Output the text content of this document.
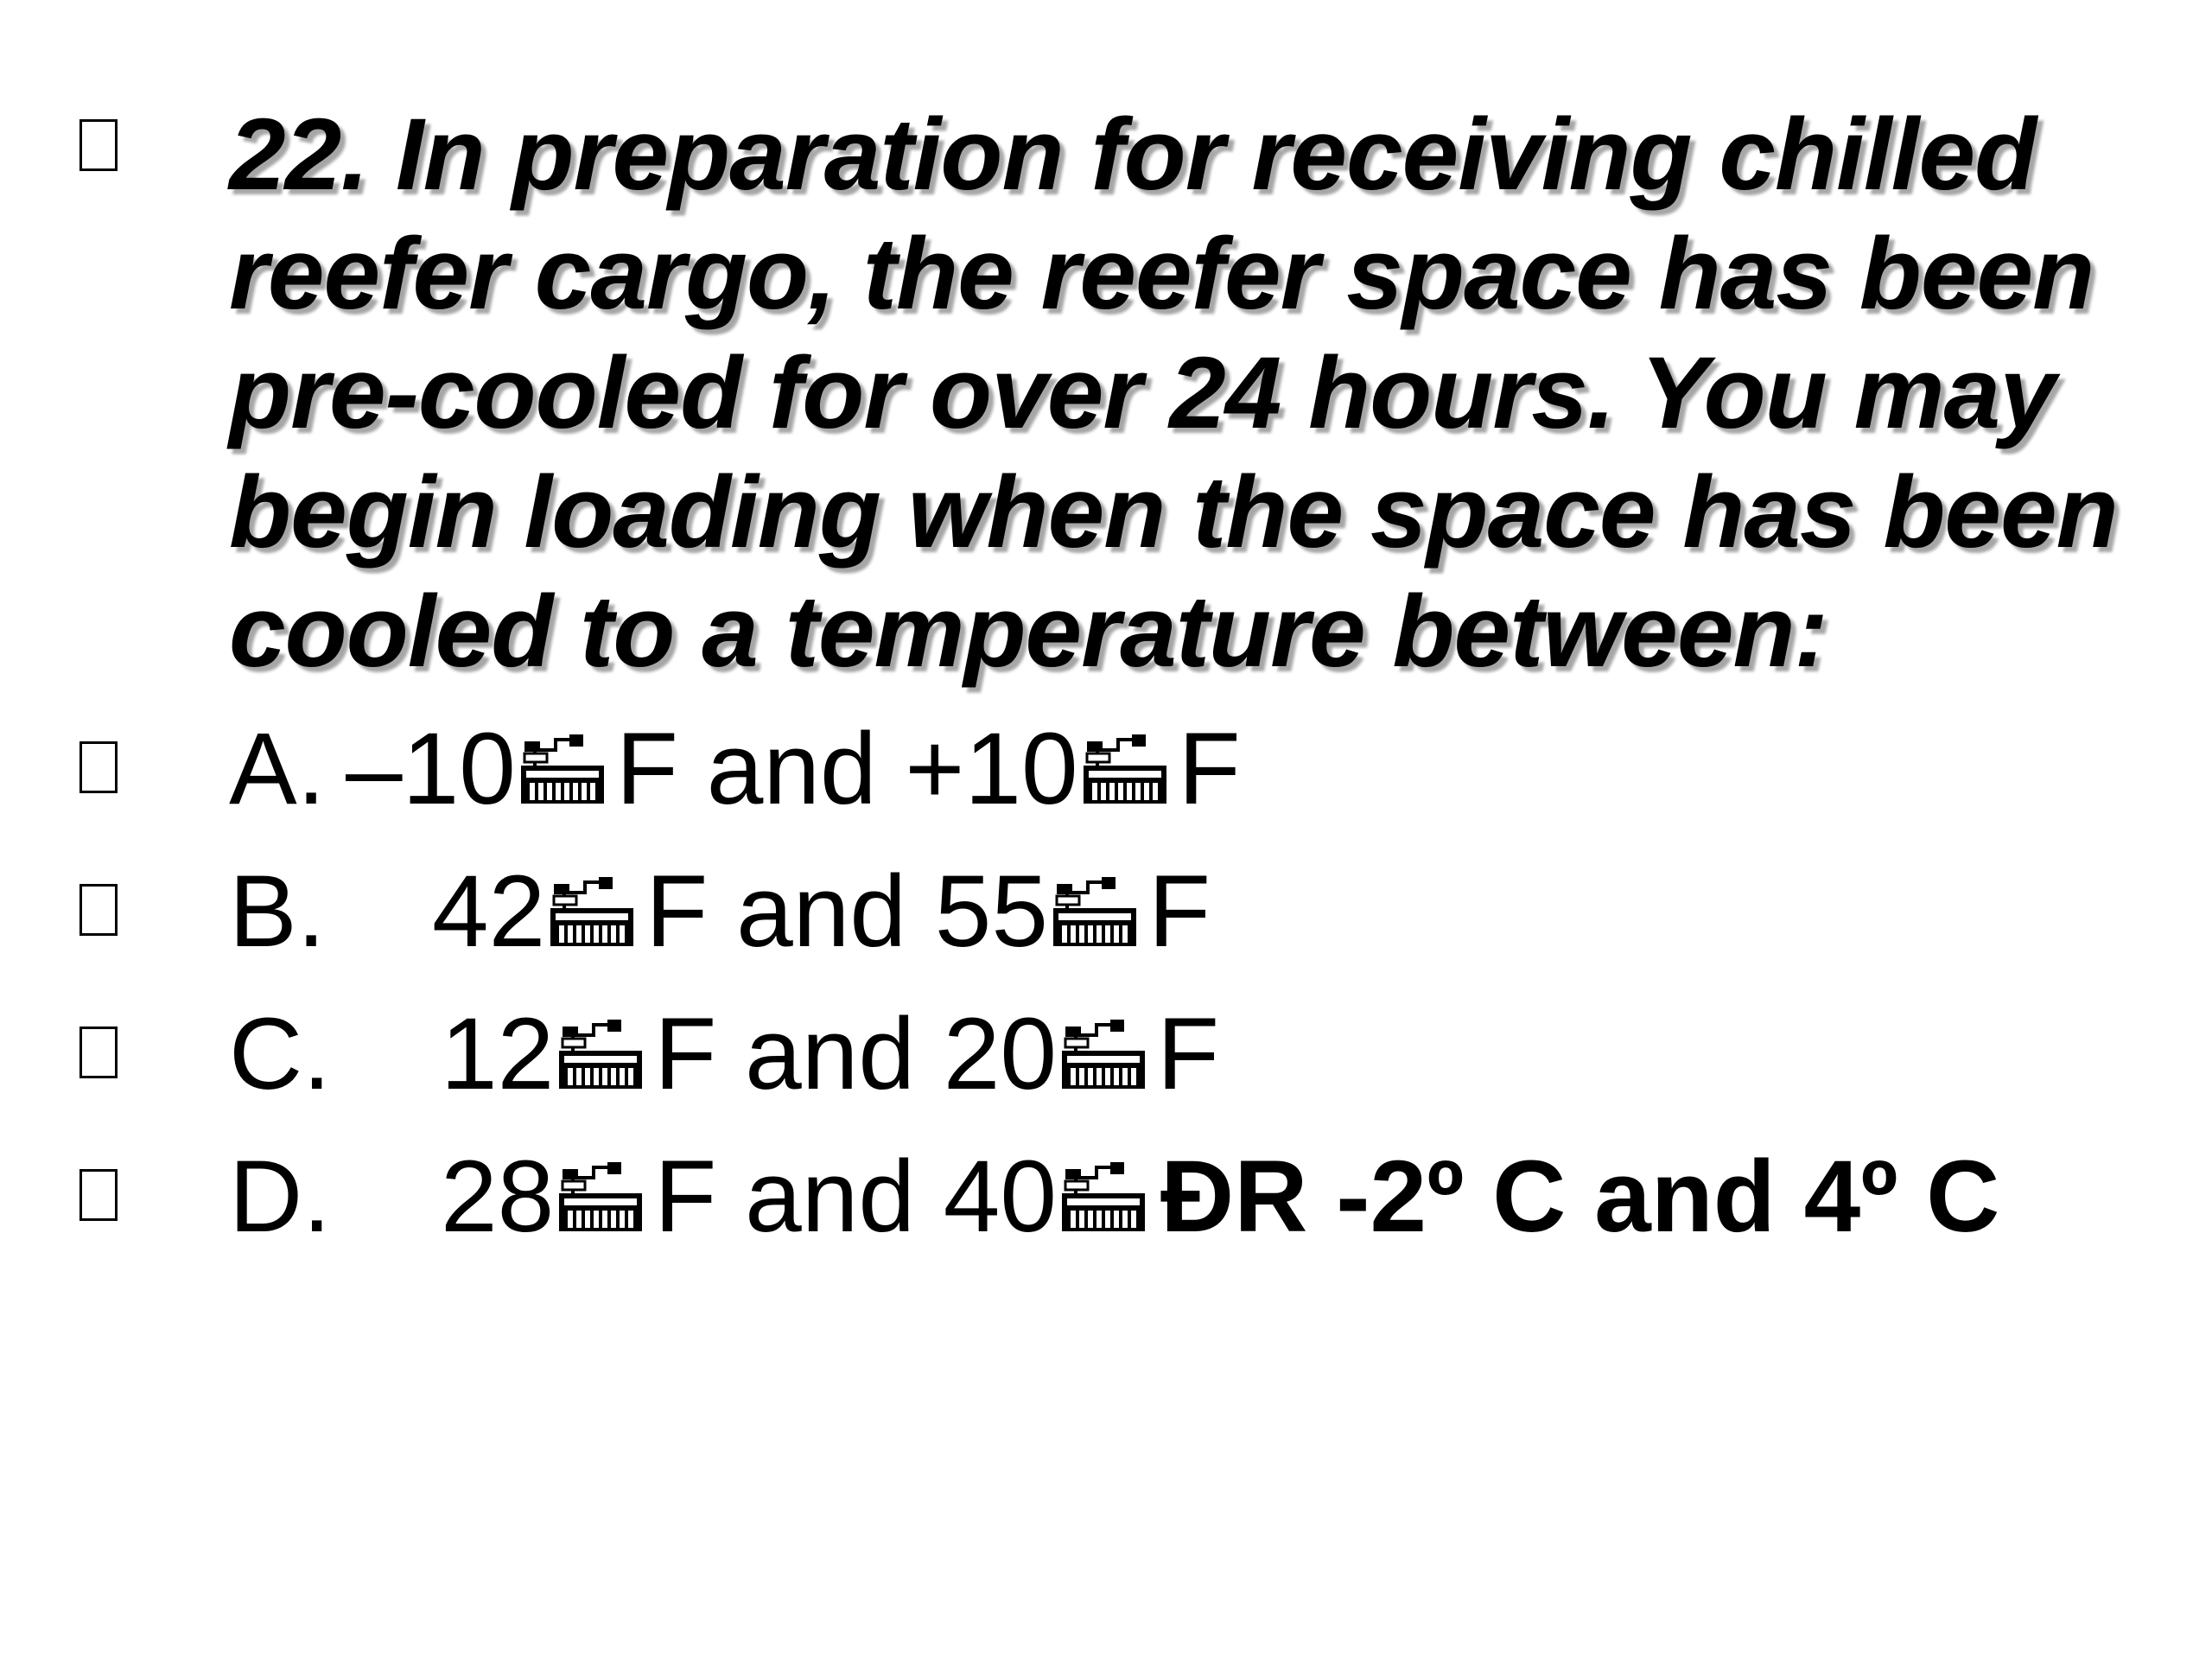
22. In preparation for receiving chilled reefer cargo, the reefer space has been pre-cooled for over 24 hours. You may begin loading when the space has been cooled to a temperature between:
A. –10 F and +10 F
B.	42 F and 55 F
C.	12 F and 20 F
D.	28 F and 40 ÐR -2º C and 4º C
